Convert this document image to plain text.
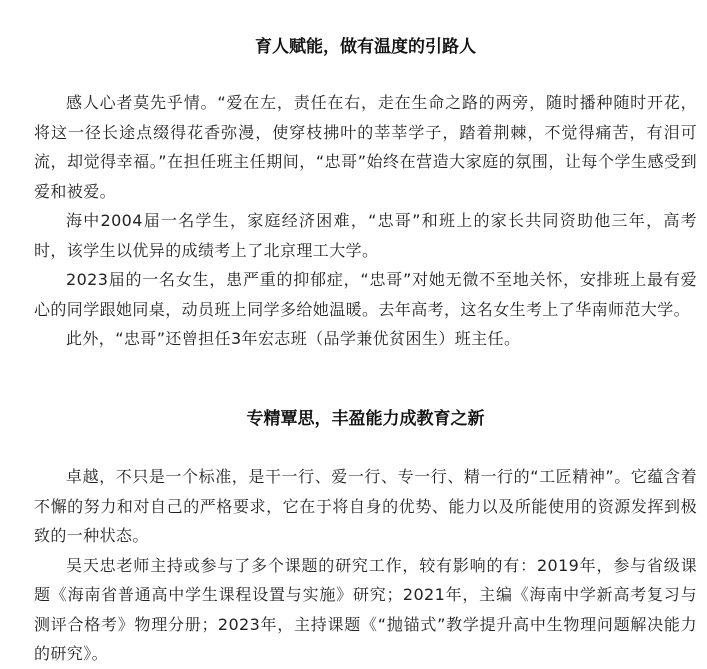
育人赋能，做有温度的引路人

感人心者莫先乎情。“爱在左，责任在右，走在生命之路的两旁，随时播种随时开花，将这一径长途点缀得花香弥漫，使穿枝拂叶的莘莘学子，踏着荆棘，不觉得痛苦，有泪可流，却觉得幸福。”在担任班主任期间，“忠哥”始终在营造大家庭的氛围，让每个学生感受到爱和被爱。

海中2004届一名学生，家庭经济困难，“忠哥”和班上的家长共同资助他三年，高考时，该学生以优异的成绩考上了北京理工大学。

2023届的一名女生，患严重的抑郁症，“忠哥”对她无微不至地关怀，安排班上最有爱心的同学跟她同桌，动员班上同学多给她温暖。去年高考，这名女生考上了华南师范大学。

此外，“忠哥”还曾担任3年宏志班（品学兼优贫困生）班主任。

专精覃思，丰盈能力成教育之新

卓越，不只是一个标准，是干一行、爱一行、专一行、精一行的“工匠精神”。它蕴含着不懈的努力和对自己的严格要求，它在于将自身的优势、能力以及所能使用的资源发挥到极致的一种状态。

吴天忠老师主持或参与了多个课题的研究工作，较有影响的有：2019年，参与省级课题《海南省普通高中学生课程设置与实施》研究；2021年，主编《海南中学新高考复习与测评合格考》物理分册；2023年，主持课题《“抛锚式”教学提升高中生物理问题解决能力的研究》。
